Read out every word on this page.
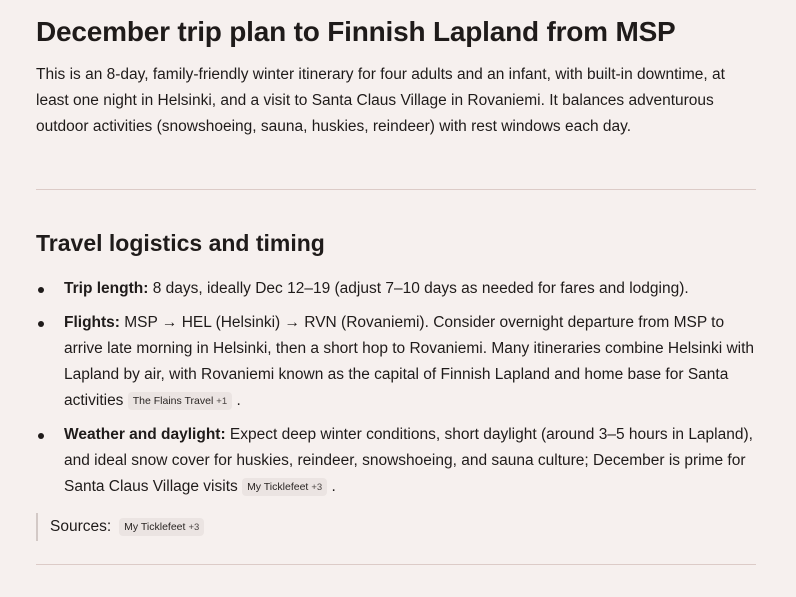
December trip plan to Finnish Lapland from MSP

This is an 8-day, family-friendly winter itinerary for four adults and an infant, with built-in downtime, at least one night in Helsinki, and a visit to Santa Claus Village in Rovaniemi. It balances adventurous outdoor activities (snowshoeing, sauna, huskies, reindeer) with rest windows each day.

Travel logistics and timing
Trip length: 8 days, ideally Dec 12–19 (adjust 7–10 days as needed for fares and lodging).
Flights: MSP → HEL (Helsinki) → RVN (Rovaniemi). Consider overnight departure from MSP to arrive late morning in Helsinki, then a short hop to Rovaniemi. Many itineraries combine Helsinki with Lapland by air, with Rovaniemi known as the capital of Finnish Lapland and home base for Santa activities The Flains Travel +1 .
Weather and daylight: Expect deep winter conditions, short daylight (around 3–5 hours in Lapland), and ideal snow cover for huskies, reindeer, snowshoeing, and sauna culture; December is prime for Santa Claus Village visits My Ticklefeet +3 .
Sources: My Ticklefeet +3
